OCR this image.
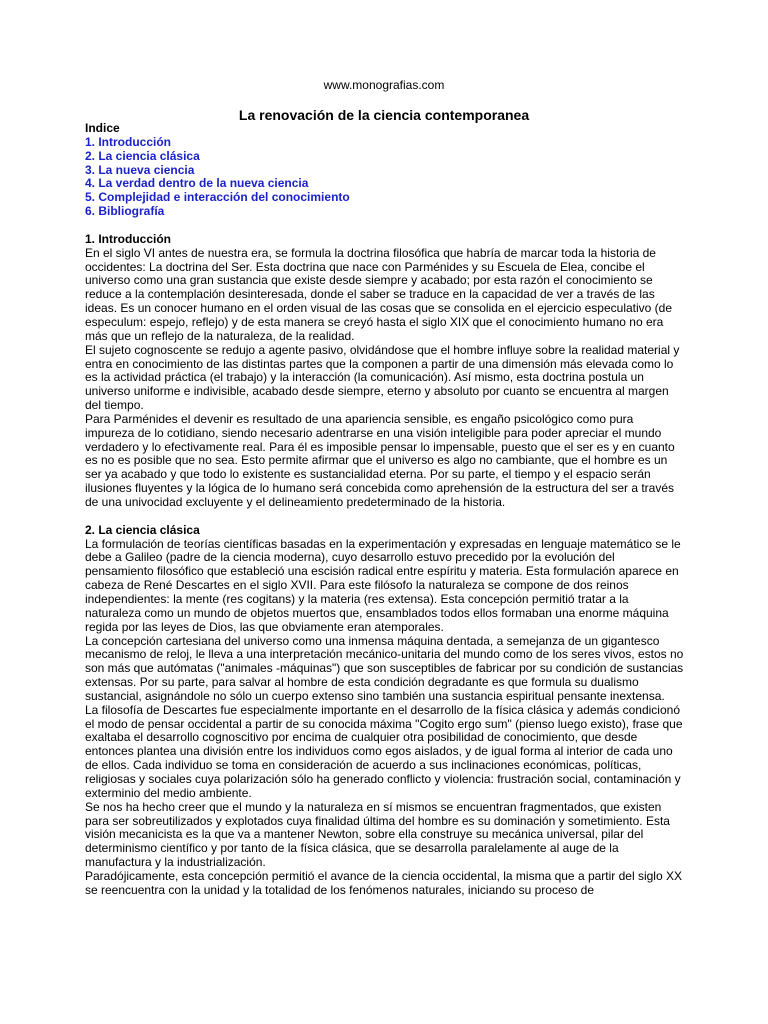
www.monografias.com
La renovación de la ciencia contemporanea
Indice
1. Introducción
2. La ciencia clásica
3. La nueva ciencia
4. La verdad dentro de la nueva ciencia
5. Complejidad e interacción del conocimiento
6. Bibliografía
1. Introducción

En el siglo VI antes de nuestra era, se formula la doctrina filosófica que habría de marcar toda la historia de occidentes: La doctrina del Ser. Esta doctrina que nace con Parménides y su Escuela de Elea, concibe el universo como una gran sustancia que existe desde siempre y acabado; por esta razón el conocimiento se reduce a la contemplación desinteresada, donde el saber se traduce en la capacidad de ver a través de las ideas. Es un conocer humano en el orden visual de las cosas que se consolida en el ejercicio especulativo (de especulum: espejo, reflejo) y de esta manera se creyó hasta el siglo XIX que el conocimiento humano no era más que un reflejo de la naturaleza, de la realidad.

El sujeto cognoscente se redujo a agente pasivo, olvidándose que el hombre influye sobre la realidad material y entra en conocimiento de las distintas partes que la componen a partir de una dimensión más elevada como lo es la actividad práctica (el trabajo) y la interacción (la comunicación). Así mismo, esta doctrina postula un universo uniforme e indivisible, acabado desde siempre, eterno y absoluto por cuanto se encuentra al margen del tiempo.

Para Parménides el devenir es resultado de una apariencia sensible, es engaño psicológico como pura impureza de lo cotidiano, siendo necesario adentrarse en una visión inteligible para poder apreciar el mundo verdadero y lo efectivamente real. Para él es imposible pensar lo impensable, puesto que el ser es y en cuanto es no es posible que no sea. Esto permite afirmar que el universo es algo no cambiante, que el hombre es un ser ya acabado y que todo lo existente es sustancialidad eterna. Por su parte, el tiempo y el espacio serán ilusiones fluyentes y la lógica de lo humano será concebida como aprehensión de la estructura del ser a través de una univocidad excluyente y el delineamiento predeterminado de la historia.

2. La ciencia clásica

La formulación de teorías científicas basadas en la experimentación y expresadas en lenguaje matemático se le debe a Galileo (padre de la ciencia moderna), cuyo desarrollo estuvo precedido por la evolución del pensamiento filosófico que estableció una escisión radical entre espíritu y materia. Esta formulación aparece en cabeza de René Descartes en el siglo XVII. Para este filósofo la naturaleza se compone de dos reinos independientes: la mente (res cogitans) y la materia (res extensa). Esta concepción permitió tratar a la naturaleza como un mundo de objetos muertos que, ensamblados todos ellos formaban una enorme máquina regida por las leyes de Dios, las que obviamente eran atemporales.

La concepción cartesiana del universo como una inmensa máquina dentada, a semejanza de un gigantesco mecanismo de reloj, le lleva a una interpretación mecánico-unitaria del mundo como de los seres vivos, estos no son más que autómatas ("animales -máquinas") que son susceptibles de fabricar por su condición de sustancias extensas. Por su parte, para salvar al hombre de esta condición degradante es que formula su dualismo sustancial, asignándole no sólo un cuerpo extenso sino también una sustancia espiritual pensante inextensa.

La filosofía de Descartes fue especialmente importante en el desarrollo de la física clásica y además condicionó el modo de pensar occidental a partir de su conocida máxima "Cogito ergo sum" (pienso luego existo), frase que exaltaba el desarrollo cognoscitivo por encima de cualquier otra posibilidad de conocimiento, que desde entonces plantea una división entre los individuos como egos aislados, y de igual forma al interior de cada uno de ellos. Cada individuo se toma en consideración de acuerdo a sus inclinaciones económicas, políticas, religiosas y sociales cuya polarización sólo ha generado conflicto y violencia: frustración social, contaminación y exterminio del medio ambiente.

Se nos ha hecho creer que el mundo y la naturaleza en sí mismos se encuentran fragmentados, que existen para ser sobreutilizados y explotados cuya finalidad última del hombre es su dominación y sometimiento. Esta visión mecanicista es la que va a mantener Newton, sobre ella construye su mecánica universal, pilar del determinismo científico y por tanto de la física clásica, que se desarrolla paralelamente al auge de la manufactura y la industrialización.

Paradójicamente, esta concepción permitió el avance de la ciencia occidental, la misma que a partir del siglo XX se reencuentra con la unidad y la totalidad de los fenómenos naturales, iniciando su proceso de
